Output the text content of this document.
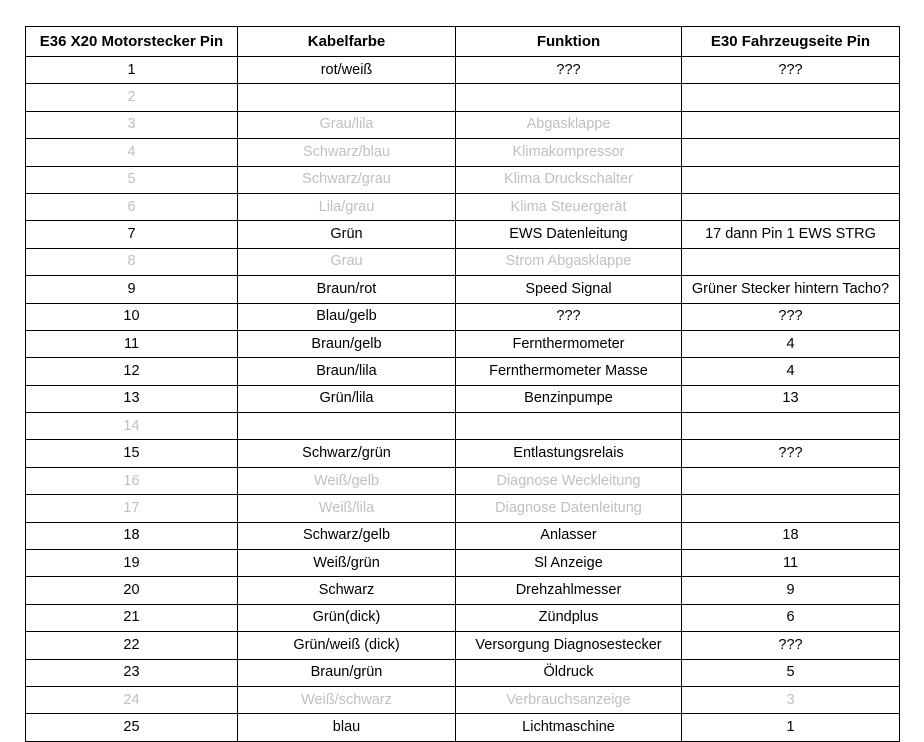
E36 X20 Motorstecker Pin	Kabelfarbe	Funktion	E30 Fahrzeugseite Pin
1	rot/weiß	???	???
2			
3	Grau/lila	Abgasklappe	
4	Schwarz/blau	Klimakompressor	
5	Schwarz/grau	Klima Druckschalter	
6	Lila/grau	Klima Steuergerät	
7	Grün	EWS Datenleitung	17 dann Pin 1 EWS STRG
8	Grau	Strom Abgasklappe	
9	Braun/rot	Speed Signal	Grüner Stecker hintern Tacho?
10	Blau/gelb	???	???
11	Braun/gelb	Fernthermometer	4
12	Braun/lila	Fernthermometer Masse	4
13	Grün/lila	Benzinpumpe	13
14			
15	Schwarz/grün	Entlastungsrelais	???
16	Weiß/gelb	Diagnose Weckleitung	
17	Weiß/lila	Diagnose Datenleitung	
18	Schwarz/gelb	Anlasser	18
19	Weiß/grün	Sl Anzeige	11
20	Schwarz	Drehzahlmesser	9
21	Grün(dick)	Zündplus	6
22	Grün/weiß (dick)	Versorgung Diagnosestecker	???
23	Braun/grün	Öldruck	5
24	Weiß/schwarz	Verbrauchsanzeige	3
25	blau	Lichtmaschine	1
